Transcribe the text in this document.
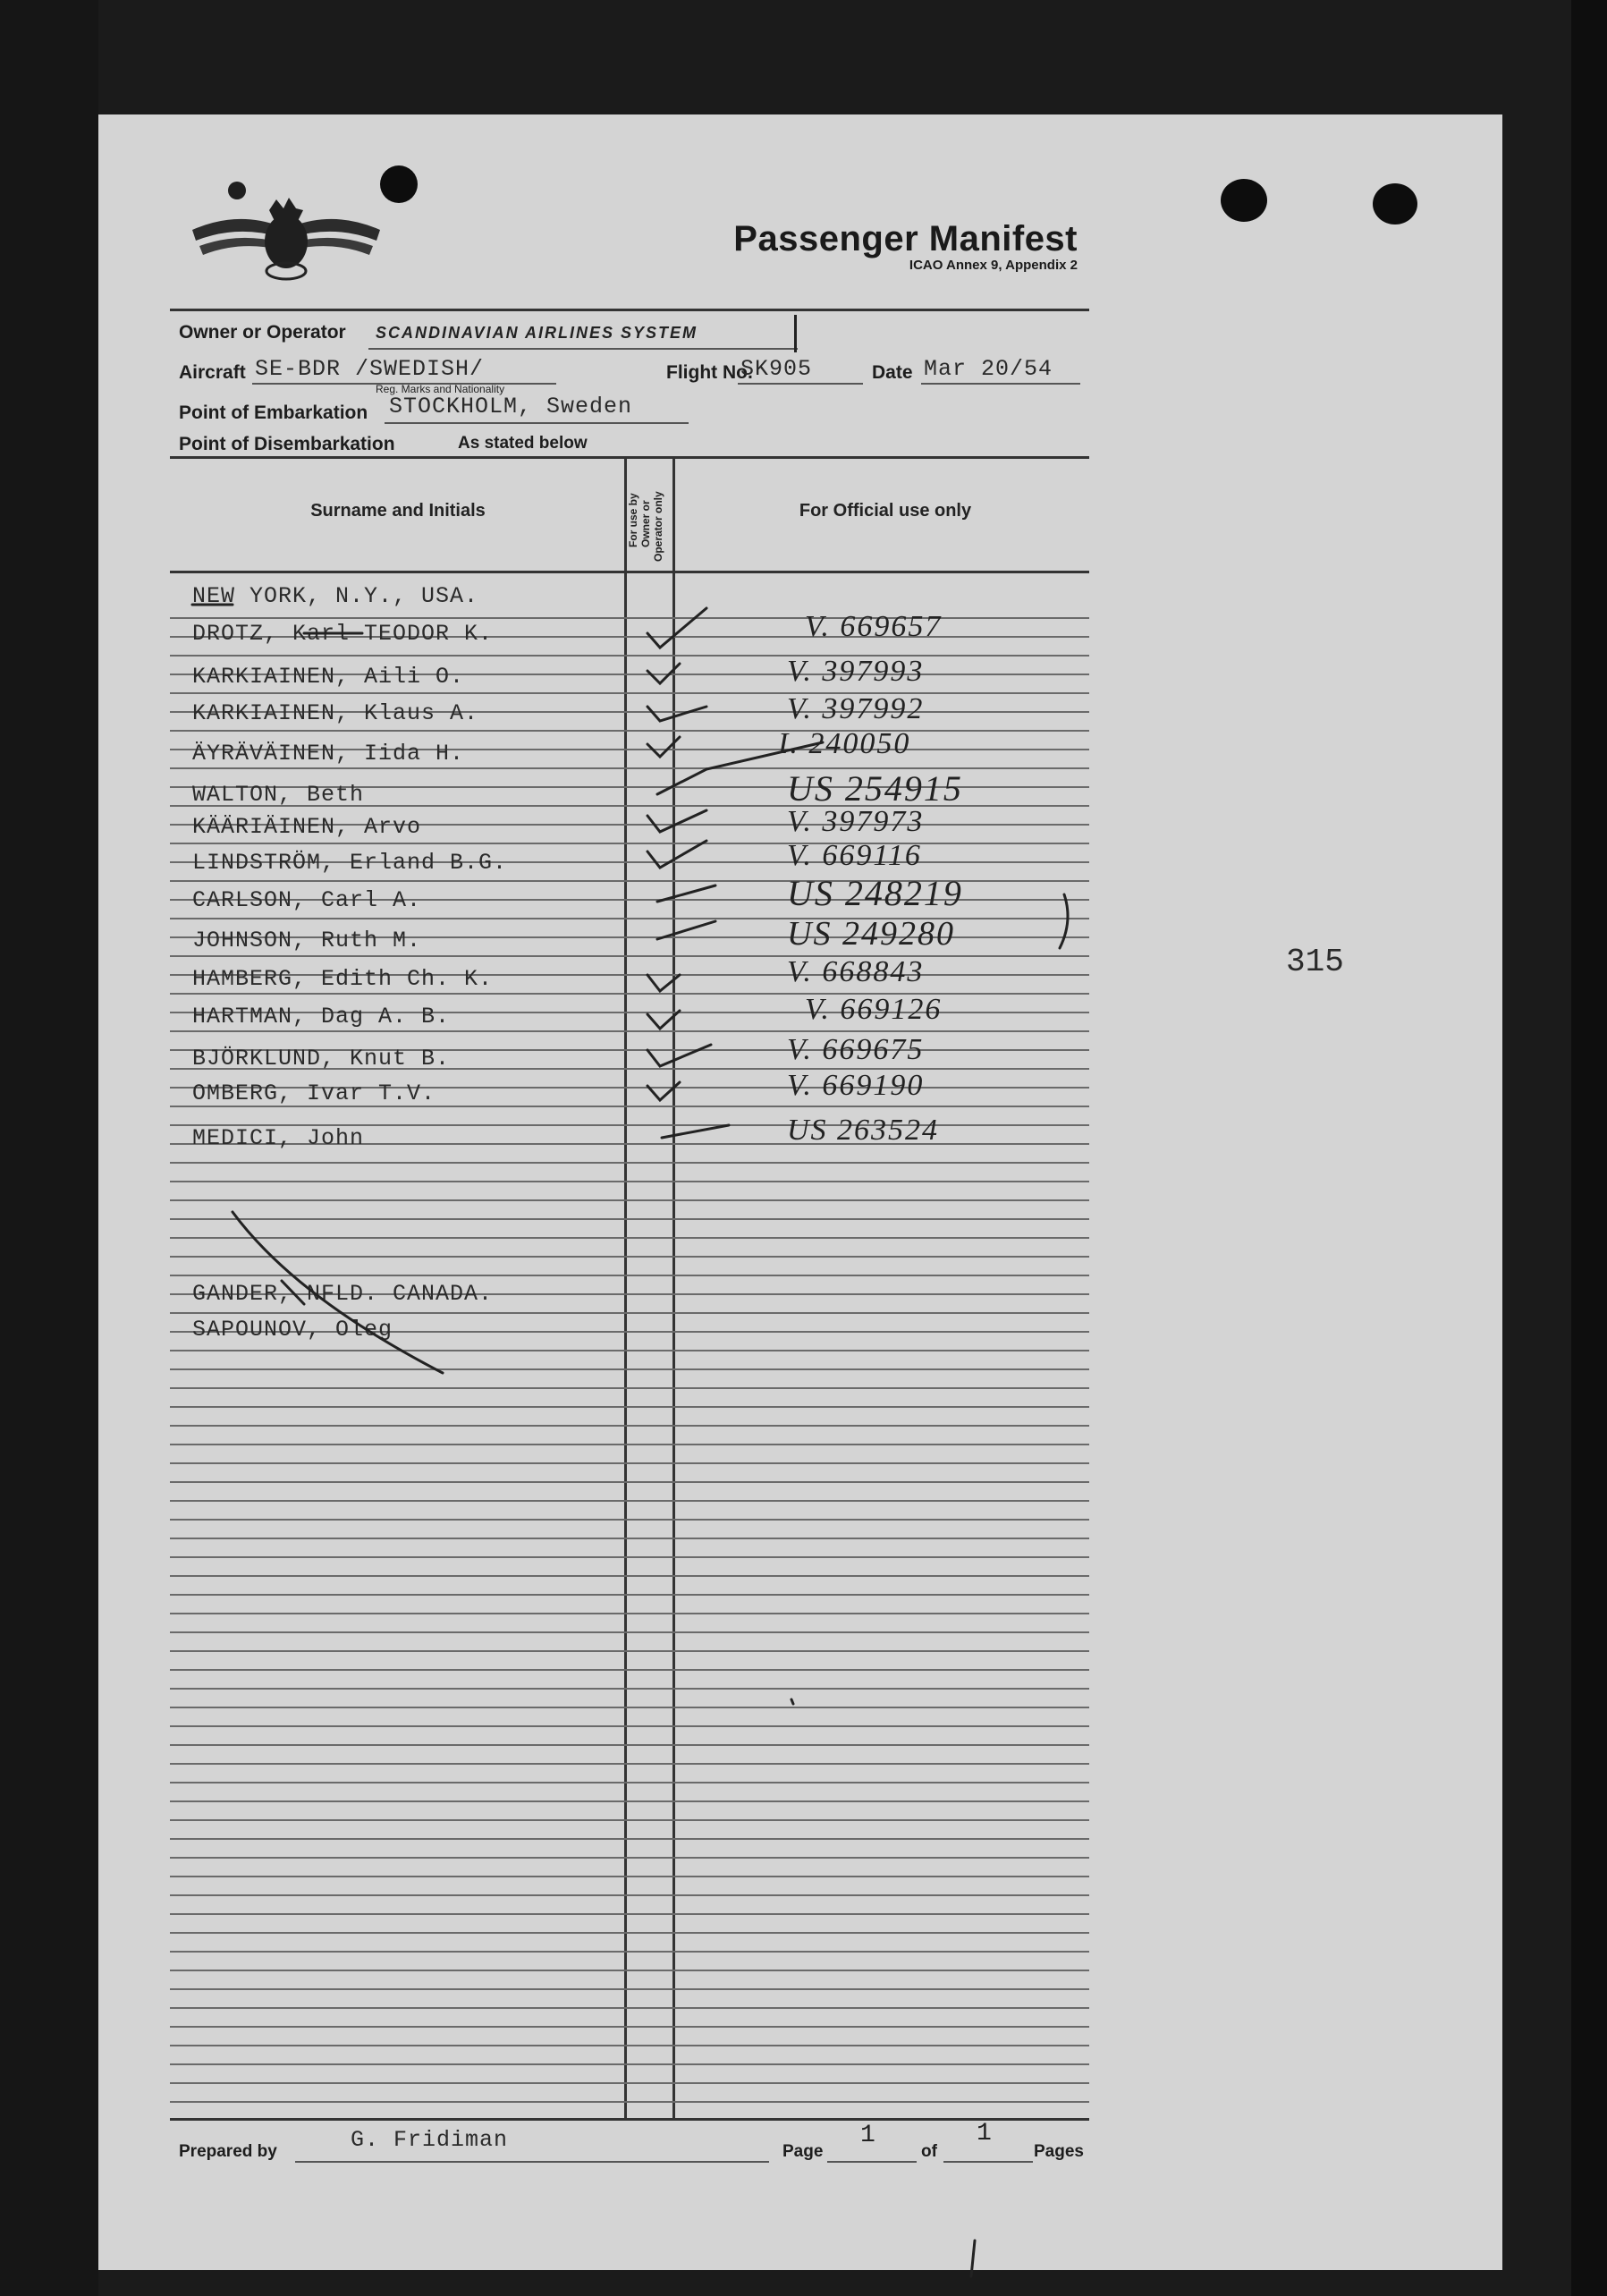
Passenger Manifest
ICAO Annex 9, Appendix 2
Owner or Operator SCANDINAVIAN AIRLINES SYSTEM
Aircraft SE-BDR /SWEDISH/
Reg. Marks and Nationality
Flight No.
SK905	Date Mar 20/54
Point of Embarkation STOCKHOLM, Sweden
Point of Disembarkation	As stated below
Surname and Initials	For use by Owner or Operator only	For Official use only
NEW YORK, N.Y., USA.
DROTZ, Karl TEODOR K.	V. 669657
KARKIAINEN, Aili O.	V. 397993
KARKIAINEN, Klaus A.	V. 397992
ÄYRÄVÄINEN, Iida H.	I. 240050
WALTON, Beth	US 254915
KÄÄRIÄINEN, Arvo	V. 397973
LINDSTRÖM, Erland B.G.	V. 669116
CARLSON, Carl A.	US 248219
JOHNSON, Ruth M.	US 249280
HAMBERG, Edith Ch. K.	V. 668843
HARTMAN, Dag A. B.	V. 669126
BJÖRKLUND, Knut B.	V. 669675
OMBERG, Ivar T.V.	V. 669190
MEDICI, John	US 263524
GANDER, NFLD. CANADA.
SAPOUNOV, Oleg
Prepared by	G. Fridiman	Page
1
of
1
Pages
315
